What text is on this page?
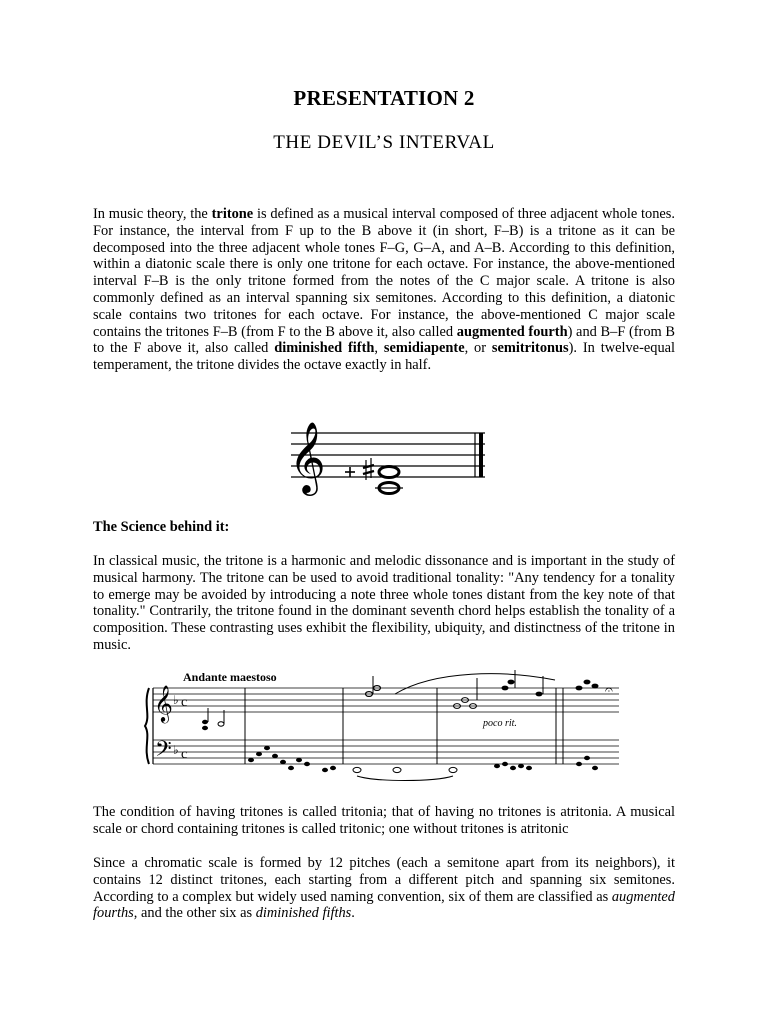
PRESENTATION 2
THE DEVIL’S INTERVAL

In music theory, the tritone is defined as a musical interval composed of three adjacent whole tones. For instance, the interval from F up to the B above it (in short, F–B) is a tritone as it can be decomposed into the three adjacent whole tones F–G, G–A, and A–B. According to this definition, within a diatonic scale there is only one tritone for each octave. For instance, the above-mentioned interval F–B is the only tritone formed from the notes of the C major scale. A tritone is also commonly defined as an interval spanning six semitones. According to this definition, a diatonic scale contains two tritones for each octave. For instance, the above-mentioned C major scale contains the tritones F–B (from F to the B above it, also called augmented fourth) and B–F (from B to the F above it, also called diminished fifth, semidiapente, or semitritonus). In twelve-equal temperament, the tritone divides the octave exactly in half.

𝄞

The Science behind it:

In classical music, the tritone is a harmonic and melodic dissonance and is important in the study of musical harmony. The tritone can be used to avoid traditional tonality: "Any tendency for a tonality to emerge may be avoided by introducing a note three whole tones distant from the key note of that tonality." Contrarily, the tritone found in the dominant seventh chord helps establish the tonality of a composition. These contrasting uses exhibit the flexibility, ubiquity, and distinctness of the tritone in music.

Andante maestoso
𝄞
𝄢
♭
♭
c
c
poco rit.
𝄐

The condition of having tritones is called tritonia; that of having no tritones is atritonia. A musical scale or chord containing tritones is called tritonic; one without tritones is atritonic

Since a chromatic scale is formed by 12 pitches (each a semitone apart from its neighbors), it contains 12 distinct tritones, each starting from a different pitch and spanning six semitones. According to a complex but widely used naming convention, six of them are classified as augmented fourths, and the other six as diminished fifths.
